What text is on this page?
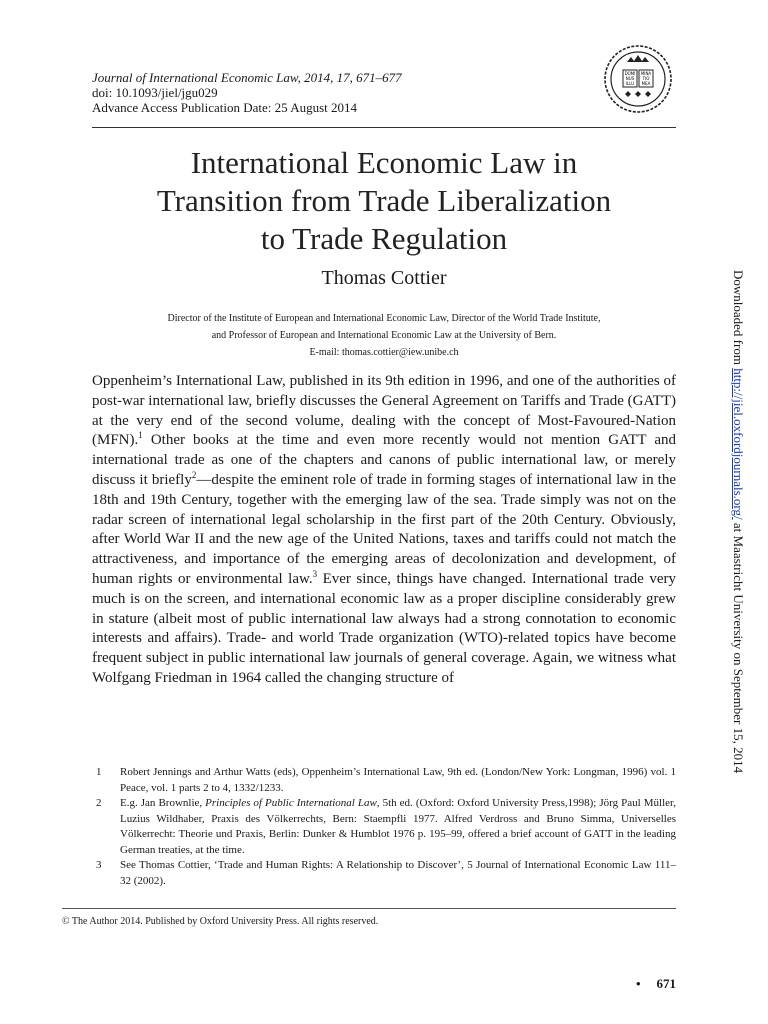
Journal of International Economic Law, 2014, 17, 671–677
doi: 10.1093/jiel/jgu029
Advance Access Publication Date: 25 August 2014
DOMI
NUS
ILLU
MINA
TIO
MEA
International Economic Law in
Transition from Trade Liberalization
to Trade Regulation
Thomas Cottier
Director of the Institute of European and International Economic Law, Director of the World Trade Institute,
and Professor of European and International Economic Law at the University of Bern.
E-mail: thomas.cottier@iew.unibe.ch
Oppenheim’s International Law, published in its 9th edition in 1996, and one of the authorities of post-war international law, briefly discusses the General Agreement on Tariffs and Trade (GATT) at the very end of the second volume, dealing with the concept of Most-Favoured-Nation (MFN).$^1$ Other books at the time and even more recently would not mention GATT and international trade as one of the chapters and canons of public international law, or merely discuss it briefly$^2$—despite the eminent role of trade in forming stages of international law in the 18th and 19th Century, together with the emerging law of the sea. Trade simply was not on the radar screen of international legal scholarship in the first part of the 20th Century. Obviously, after World War II and the new age of the United Nations, taxes and tariffs could not match the attractiveness, and importance of the emerging areas of decolonization and development, of human rights or environmental law.$^3$ Ever since, things have changed. International trade very much is on the screen, and international economic law as a proper discipline considerably grew in stature (albeit most of public international law always had a strong connotation to economic interests and affairs). Trade- and world Trade organization (WTO)-related topics have become frequent subject in public international law journals of general coverage. Again, we witness what Wolfgang Friedman in 1964 called the changing structure of
1	Robert Jennings and Arthur Watts (eds), Oppenheim’s International Law, 9th ed. (London/New York: Longman, 1996) vol. 1 Peace, vol. 1 parts 2 to 4, 1332/1233.
2	E.g. Jan Brownlie, Principles of Public International Law, 5th ed. (Oxford: Oxford University Press,1998); Jörg Paul Müller, Luzius Wildhaber, Praxis des Völkerrechts, Bern: Staempfli 1977. Alfred Verdross and Bruno Simma, Universelles Völkerrecht: Theorie und Praxis, Berlin: Dunker & Humblot 1976 p. 195–99, offered a brief account of GATT in the leading German treaties, at the time.
3	See Thomas Cottier, ‘Trade and Human Rights: A Relationship to Discover’, 5 Journal of International Economic Law 111–32 (2002).
© The Author 2014. Published by Oxford University Press. All rights reserved.
• 671
Downloaded from http://jiel.oxfordjournals.org/ at Maastricht University on September 15, 2014
